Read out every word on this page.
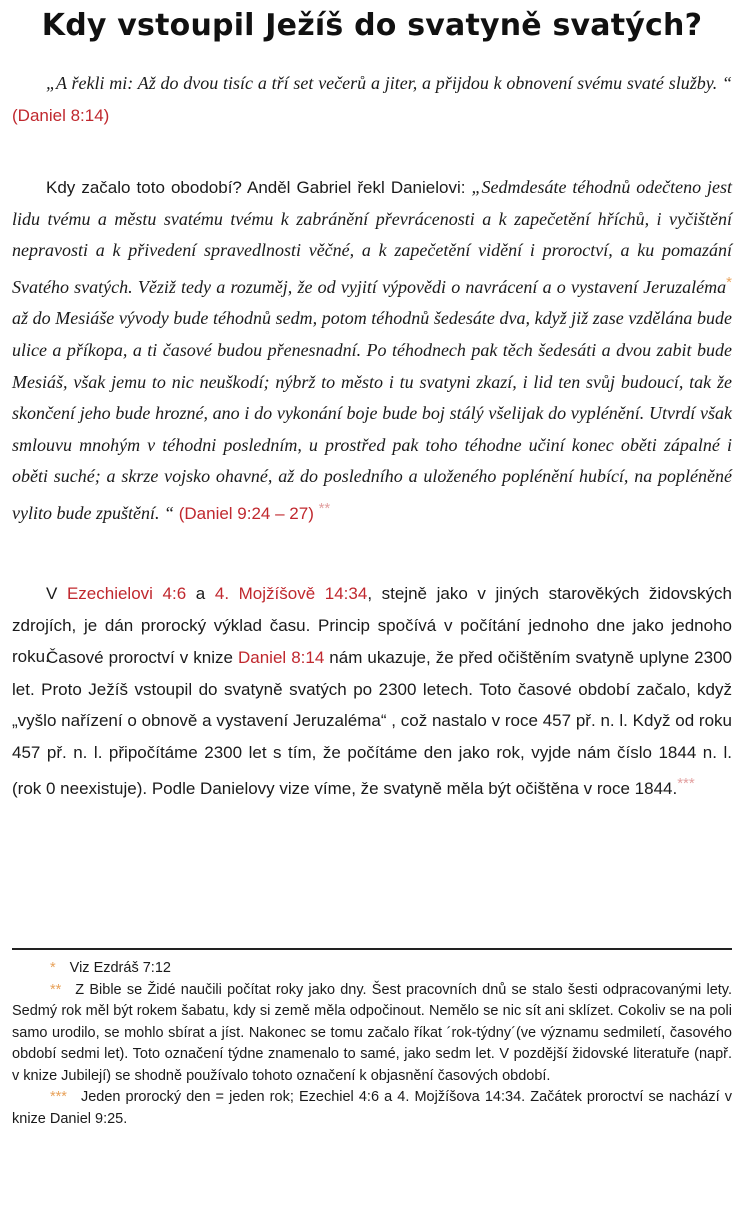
Kdy vstoupil Ježíš do svatyně svatých?
„A řekli mi: Až do dvou tisíc a tří set večerů a jiter, a přijdou k obnovení svému svaté služby. “ (Daniel 8:14)
Kdy začalo toto obodobí? Anděl Gabriel řekl Danielovi: „Sedmdesáte téhodnů odečteno jest lidu tvému a městu svatému tvému k zabránění převrácenosti a k zapečetění hříchů, i vyčištění nepravosti a k přivedení spravedlnosti věčné, a k zapečetění vidění i proroctví, a ku pomazání Svatého svatých. Věziž tedy a rozuměj, že od vyjití výpovědi o navrácení a o vystavení Jeruzaléma* až do Mesiáše vývody bude téhodnů sedm, potom téhodnů šedesáte dva, když již zase vzdělána bude ulice a příkopa, a ti časové budou přenesnadní. Po téhodnech pak těch šedesáti a dvou zabit bude Mesiáš, však jemu to nic neuškodí; nýbrž to město i tu svatyni zkazí, i lid ten svůj budoucí, tak že skončení jeho bude hrozné, ano i do vykonání boje bude boj stálý všelijak do vyplénění. Utvrdí však smlouvu mnohým v téhodni posledním, u prostřed pak toho téhodne učiní konec oběti zápalné i oběti suché; a skrze vojsko ohavné, až do posledního a uloženého poplénění hubící, na popléněné vylito bude zpuštění. “ (Daniel 9:24 – 27) **
V Ezechielovi 4:6 a 4. Mojžíšově 14:34, stejně jako v jiných starověkých židovských zdrojích, je dán prorocký výklad času. Princip spočívá v počítání jednoho dne jako jednoho roku.
Časové proroctví v knize Daniel 8:14 nám ukazuje, že před očištěním svatyně uplyne 2300 let. Proto Ježíš vstoupil do svatyně svatých po 2300 letech. Toto časové období začalo, když „vyšlo nařízení o obnově a vystavení Jeruzaléma“ , což nastalo v roce 457 př. n. l. Když od roku 457 př. n. l. připočítáme 2300 let s tím, že počítáme den jako rok, vyjde nám číslo 1844 n. l. (rok 0 neexistuje). Podle Danielovy vize víme, že svatyně měla být očištěna v roce 1844.***

* Viz Ezdráš 7:12

** Z Bible se Židé naučili počítat roky jako dny. Šest pracovních dnů se stalo šesti odpracovanými lety. Sedmý rok měl být rokem šabatu, kdy si země měla odpočinout. Nemělo se nic sít ani sklízet. Cokoliv se na poli samo urodilo, se mohlo sbírat a jíst. Nakonec se tomu začalo říkat ´rok-týdny´(ve významu sedmiletí, časového období sedmi let). Toto označení týdne znamenalo to samé, jako sedm let. V pozdější židovské literatuře (např. v knize Jubilejí) se shodně používalo tohoto označení k objasnění časových období.

*** Jeden prorocký den = jeden rok; Ezechiel 4:6 a 4. Mojžíšova 14:34. Začátek proroctví se nachází v knize Daniel 9:25.
